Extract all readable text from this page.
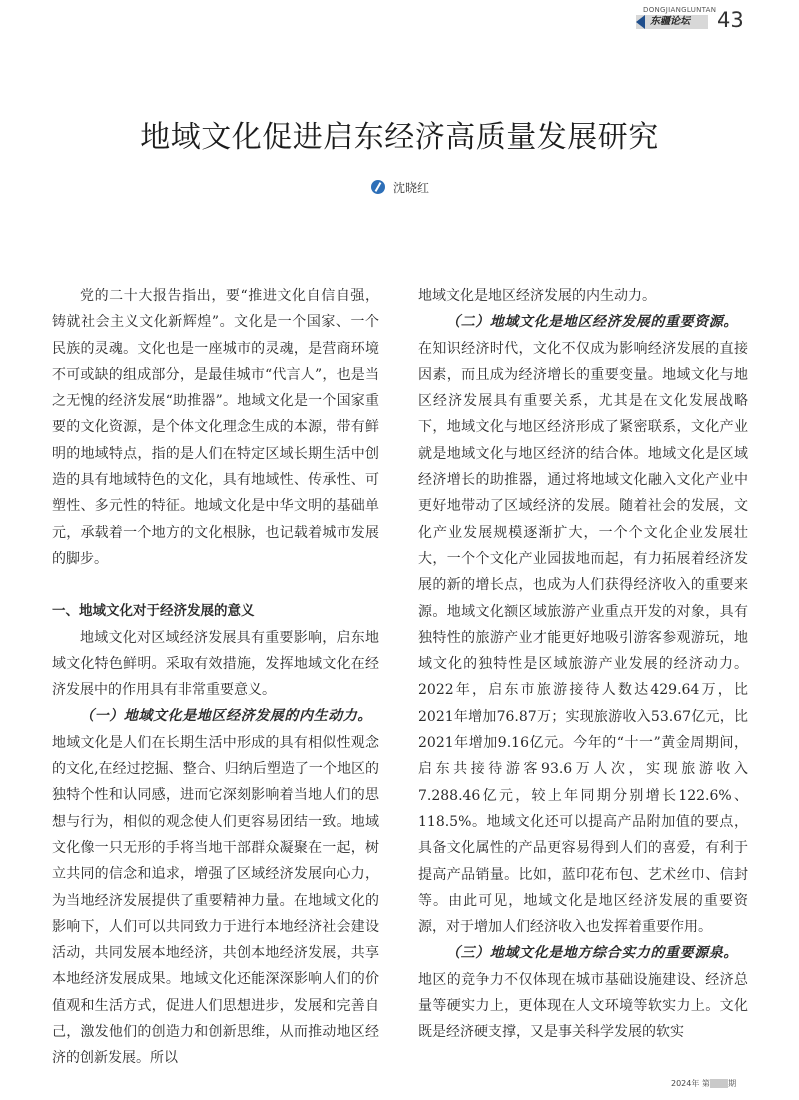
DONGJIANGLUNTAN
东疆论坛 43
地域文化促进启东经济高质量发展研究
沈晓红

党的二十大报告指出，要“推进文化自信自强，铸就社会主义文化新辉煌”。文化是一个国家、一个民族的灵魂。文化也是一座城市的灵魂，是营商环境不可或缺的组成部分，是最佳城市“代言人”，也是当之无愧的经济发展“助推器”。地域文化是一个国家重要的文化资源，是个体文化理念生成的本源，带有鲜明的地域特点，指的是人们在特定区域长期生活中创造的具有地域特色的文化，具有地域性、传承性、可塑性、多元性的特征。地域文化是中华文明的基础单元，承载着一个地方的文化根脉，也记载着城市发展的脚步。

一、地域文化对于经济发展的意义

地域文化对区域经济发展具有重要影响，启东地域文化特色鲜明。采取有效措施，发挥地域文化在经济发展中的作用具有非常重要意义。

（一）地域文化是地区经济发展的内生动力。

地域文化是人们在长期生活中形成的具有相似性观念的文化,在经过挖掘、整合、归纳后塑造了一个地区的独特个性和认同感，进而它深刻影响着当地人们的思想与行为，相似的观念使人们更容易团结一致。地域文化像一只无形的手将当地干部群众凝聚在一起，树立共同的信念和追求，增强了区域经济发展向心力，为当地经济发展提供了重要精神力量。在地域文化的影响下，人们可以共同致力于进行本地经济社会建设活动，共同发展本地经济，共创本地经济发展，共享本地经济发展成果。地域文化还能深深影响人们的价值观和生活方式，促进人们思想进步，发展和完善自己，激发他们的创造力和创新思维，从而推动地区经济的创新发展。所以

地域文化是地区经济发展的内生动力。

（二）地域文化是地区经济发展的重要资源。

在知识经济时代，文化不仅成为影响经济发展的直接因素，而且成为经济增长的重要变量。地域文化与地区经济发展具有重要关系，尤其是在文化发展战略下，地域文化与地区经济形成了紧密联系，文化产业就是地域文化与地区经济的结合体。地域文化是区域经济增长的助推器，通过将地域文化融入文化产业中更好地带动了区域经济的发展。随着社会的发展，文化产业发展规模逐渐扩大，一个个文化企业发展壮大，一个个文化产业园拔地而起，有力拓展着经济发展的新的增长点，也成为人们获得经济收入的重要来源。地域文化额区域旅游产业重点开发的对象，具有独特性的旅游产业才能更好地吸引游客参观游玩，地域文化的独特性是区域旅游产业发展的经济动力。2022年，启东市旅游接待人数达429.64万，比2021年增加76.87万；实现旅游收入53.67亿元，比2021年增加9.16亿元。今年的“十一”黄金周期间，启东共接待游客93.6万人次，实现旅游收入7.288.46亿元，较上年同期分别增长122.6%、118.5%。地域文化还可以提高产品附加值的要点，具备文化属性的产品更容易得到人们的喜爱，有利于提高产品销量。比如，蓝印花布包、艺术丝巾、信封等。由此可见，地域文化是地区经济发展的重要资源，对于增加人们经济收入也发挥着重要作用。

（三）地域文化是地方综合实力的重要源泉。

地区的竞争力不仅体现在城市基础设施建设、经济总量等硬实力上，更体现在人文环境等软实力上。文化既是经济硬支撑，又是事关科学发展的软实

2024年 第 00 期
